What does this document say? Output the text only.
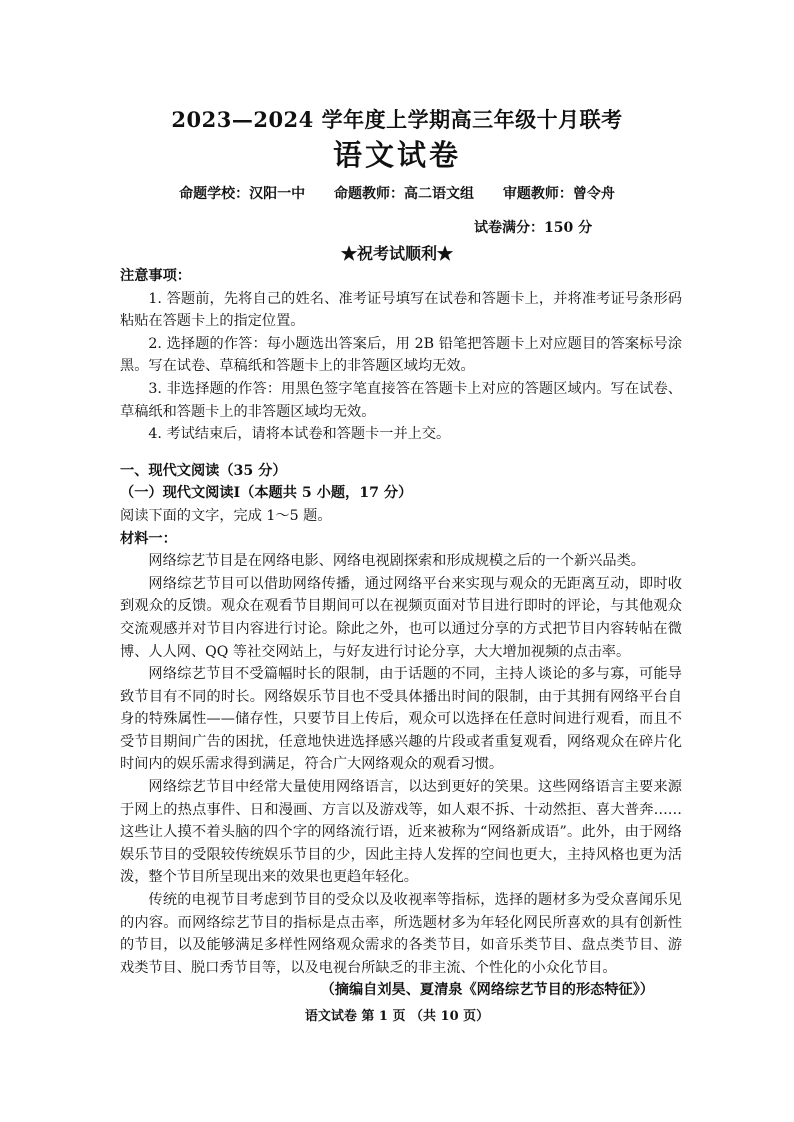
2023—2024 学年度上学期高三年级十月联考
语文试卷
命题学校：汉阳一中 命题教师：高二语文组 审题教师：曾令舟
试卷满分：150 分
★祝考试顺利★

注意事项：

1. 答题前，先将自己的姓名、准考证号填写在试卷和答题卡上，并将准考证号条形码粘贴在答题卡上的指定位置。

2. 选择题的作答：每小题选出答案后，用 2B 铅笔把答题卡上对应题目的答案标号涂黑。写在试卷、草稿纸和答题卡上的非答题区域均无效。

3. 非选择题的作答：用黑色签字笔直接答在答题卡上对应的答题区域内。写在试卷、草稿纸和答题卡上的非答题区域均无效。

4. 考试结束后，请将本试卷和答题卡一并上交。

一、现代文阅读（35 分）

（一）现代文阅读Ⅰ（本题共 5 小题，17 分）

阅读下面的文字，完成 1～5 题。

材料一：

网络综艺节目是在网络电影、网络电视剧探索和形成规模之后的一个新兴品类。

网络综艺节目可以借助网络传播，通过网络平台来实现与观众的无距离互动，即时收到观众的反馈。观众在观看节目期间可以在视频页面对节目进行即时的评论，与其他观众交流观感并对节目内容进行讨论。除此之外，也可以通过分享的方式把节目内容转帖在微博、人人网、QQ 等社交网站上，与好友进行讨论分享，大大增加视频的点击率。

网络综艺节目不受篇幅时长的限制，由于话题的不同，主持人谈论的多与寡，可能导致节目有不同的时长。网络娱乐节目也不受具体播出时间的限制，由于其拥有网络平台自身的特殊属性——储存性，只要节目上传后，观众可以选择在任意时间进行观看，而且不受节目期间广告的困扰，任意地快进选择感兴趣的片段或者重复观看，网络观众在碎片化时间内的娱乐需求得到满足，符合广大网络观众的观看习惯。

网络综艺节目中经常大量使用网络语言，以达到更好的笑果。这些网络语言主要来源于网上的热点事件、日和漫画、方言以及游戏等，如人艰不拆、十动然拒、喜大普奔……这些让人摸不着头脑的四个字的网络流行语，近来被称为“网络新成语”。此外，由于网络娱乐节目的受限较传统娱乐节目的少，因此主持人发挥的空间也更大，主持风格也更为活泼，整个节目所呈现出来的效果也更趋年轻化。

传统的电视节目考虑到节目的受众以及收视率等指标，选择的题材多为受众喜闻乐见的内容。而网络综艺节目的指标是点击率，所选题材多为年轻化网民所喜欢的具有创新性的节目，以及能够满足多样性网络观众需求的各类节目，如音乐类节目、盘点类节目、游戏类节目、脱口秀节目等，以及电视台所缺乏的非主流、个性化的小众化节目。

（摘编自刘昊、夏清泉《网络综艺节目的形态特征》）

语文试卷 第 1 页 （共 10 页）
